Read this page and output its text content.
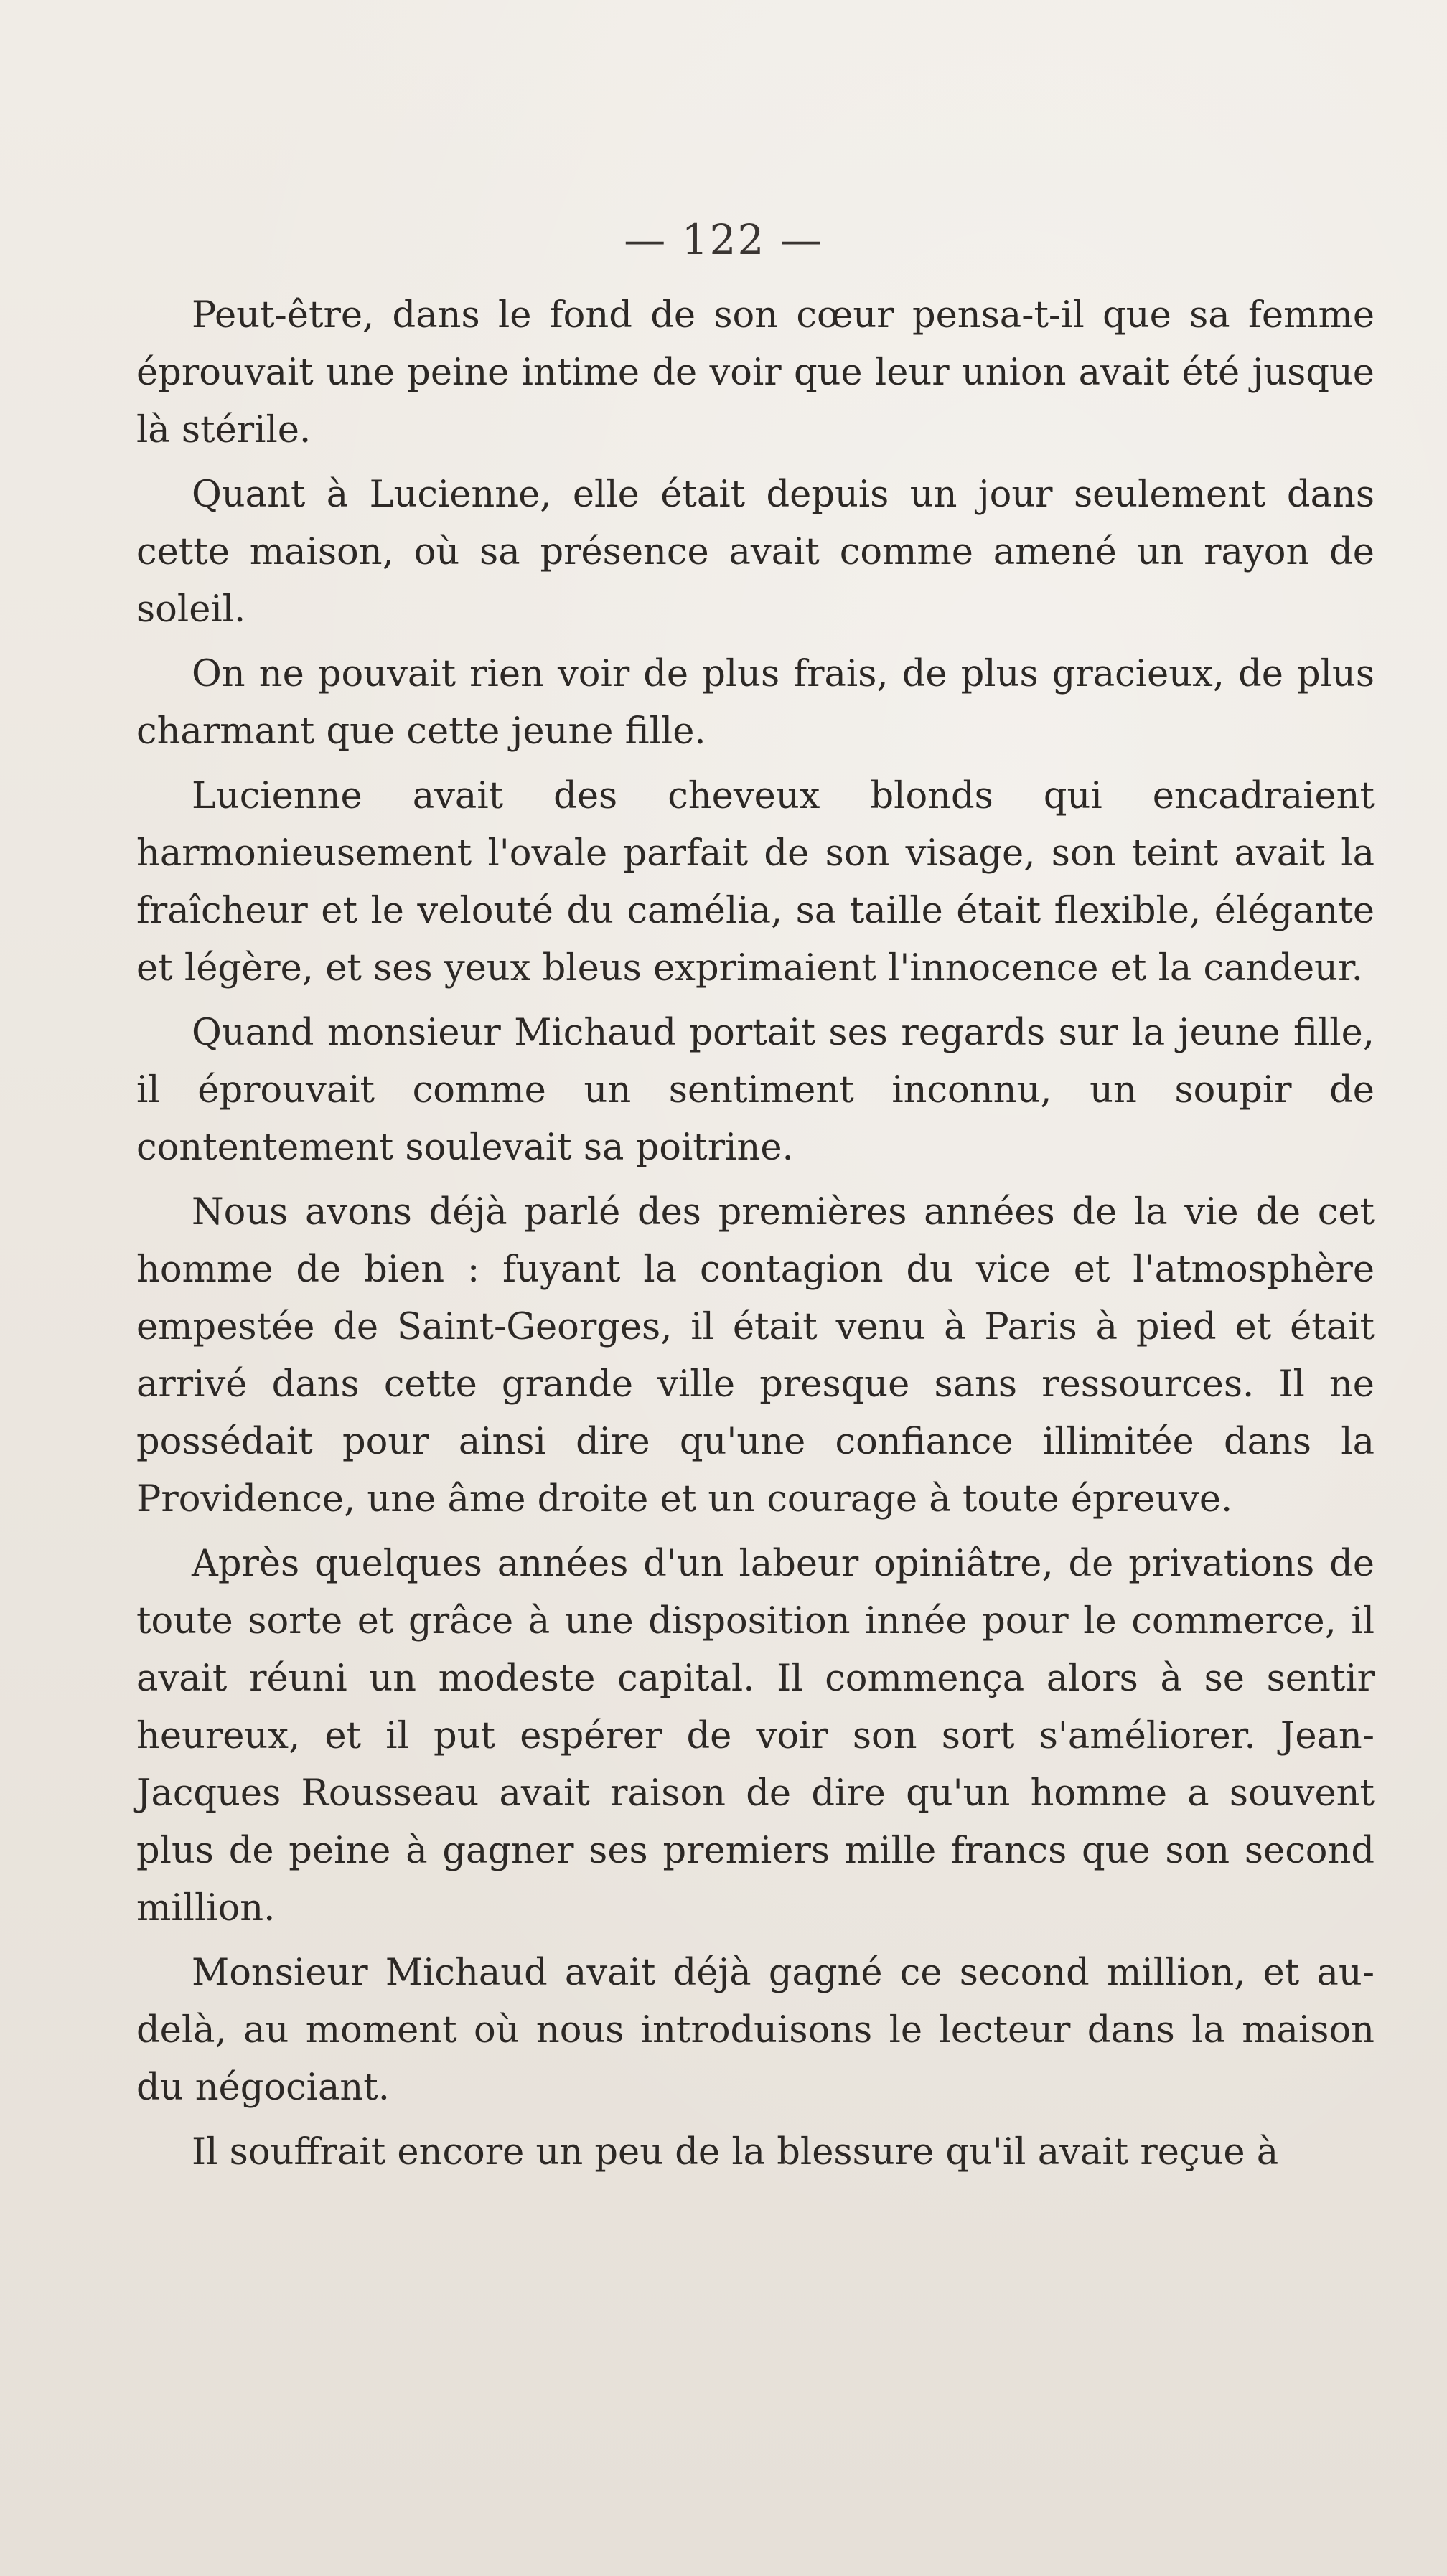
— 122 —

Peut-être, dans le fond de son cœur pensa-t-il que sa femme éprouvait une peine intime de voir que leur union avait été jusque là stérile.

Quant à Lucienne, elle était depuis un jour seulement dans cette maison, où sa présence avait comme amené un rayon de soleil.

On ne pouvait rien voir de plus frais, de plus gracieux, de plus charmant que cette jeune fille.

Lucienne avait des cheveux blonds qui encadraient harmonieusement l'ovale parfait de son visage, son teint avait la fraîcheur et le velouté du camélia, sa taille était flexible, élégante et légère, et ses yeux bleus exprimaient l'innocence et la candeur.

Quand monsieur Michaud portait ses regards sur la jeune fille, il éprouvait comme un sentiment inconnu, un soupir de contentement soulevait sa poitrine.

Nous avons déjà parlé des premières années de la vie de cet homme de bien : fuyant la contagion du vice et l'atmosphère empestée de Saint-Georges, il était venu à Paris à pied et était arrivé dans cette grande ville presque sans ressources. Il ne possédait pour ainsi dire qu'une confiance illimitée dans la Providence, une âme droite et un courage à toute épreuve.

Après quelques années d'un labeur opiniâtre, de privations de toute sorte et grâce à une disposition innée pour le commerce, il avait réuni un modeste capital. Il commença alors à se sentir heureux, et il put espérer de voir son sort s'améliorer. Jean-Jacques Rousseau avait raison de dire qu'un homme a souvent plus de peine à gagner ses premiers mille francs que son second million.

Monsieur Michaud avait déjà gagné ce second million, et au-delà, au moment où nous introduisons le lecteur dans la maison du négociant.

Il souffrait encore un peu de la blessure qu'il avait reçue à
